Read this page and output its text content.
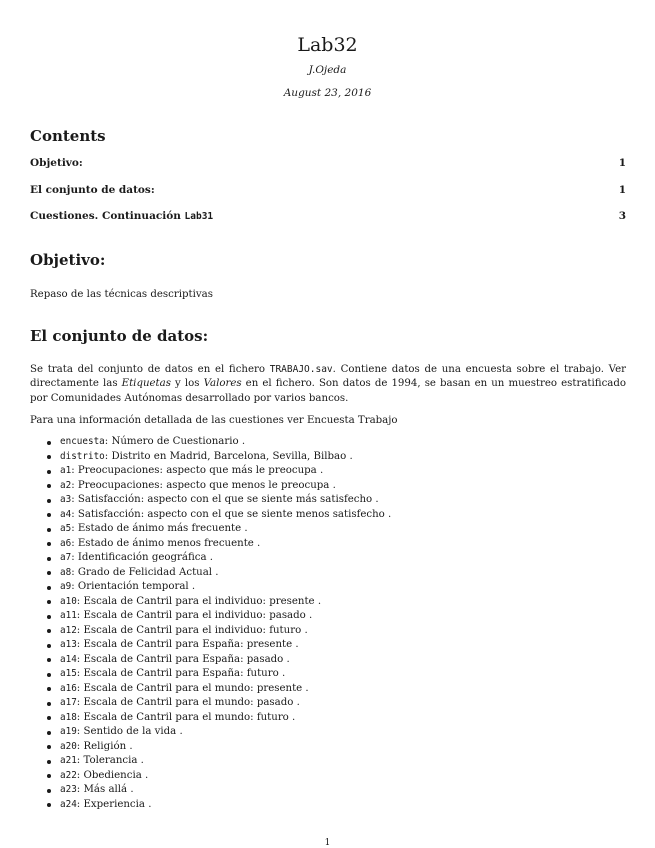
Lab32
J.Ojeda
August 23, 2016
Contents
Objetivo:	1
El conjunto de datos:	1
Cuestiones. Continuación Lab31	3
Objetivo:
Repaso de las técnicas descriptivas
El conjunto de datos:
Se trata del conjunto de datos en el fichero TRABAJO.sav. Contiene datos de una encuesta sobre el trabajo. Ver directamente las Etiquetas y los Valores en el fichero. Son datos de 1994, se basan en un muestreo estratificado por Comunidades Autónomas desarrollado por varios bancos.
Para una información detallada de las cuestiones ver Encuesta Trabajo
encuesta: Número de Cuestionario .
distrito: Distrito en Madrid, Barcelona, Sevilla, Bilbao .
a1: Preocupaciones: aspecto que más le preocupa .
a2: Preocupaciones: aspecto que menos le preocupa .
a3: Satisfacción: aspecto con el que se siente más satisfecho .
a4: Satisfacción: aspecto con el que se siente menos satisfecho .
a5: Estado de ánimo más frecuente .
a6: Estado de ánimo menos frecuente .
a7: Identificación geográfica .
a8: Grado de Felicidad Actual .
a9: Orientación temporal .
a10: Escala de Cantril para el individuo: presente .
a11: Escala de Cantril para el individuo: pasado .
a12: Escala de Cantril para el individuo: futuro .
a13: Escala de Cantril para España: presente .
a14: Escala de Cantril para España: pasado .
a15: Escala de Cantril para España: futuro .
a16: Escala de Cantril para el mundo: presente .
a17: Escala de Cantril para el mundo: pasado .
a18: Escala de Cantril para el mundo: futuro .
a19: Sentido de la vida .
a20: Religión .
a21: Tolerancia .
a22: Obediencia .
a23: Más allá .
a24: Experiencia .
1
